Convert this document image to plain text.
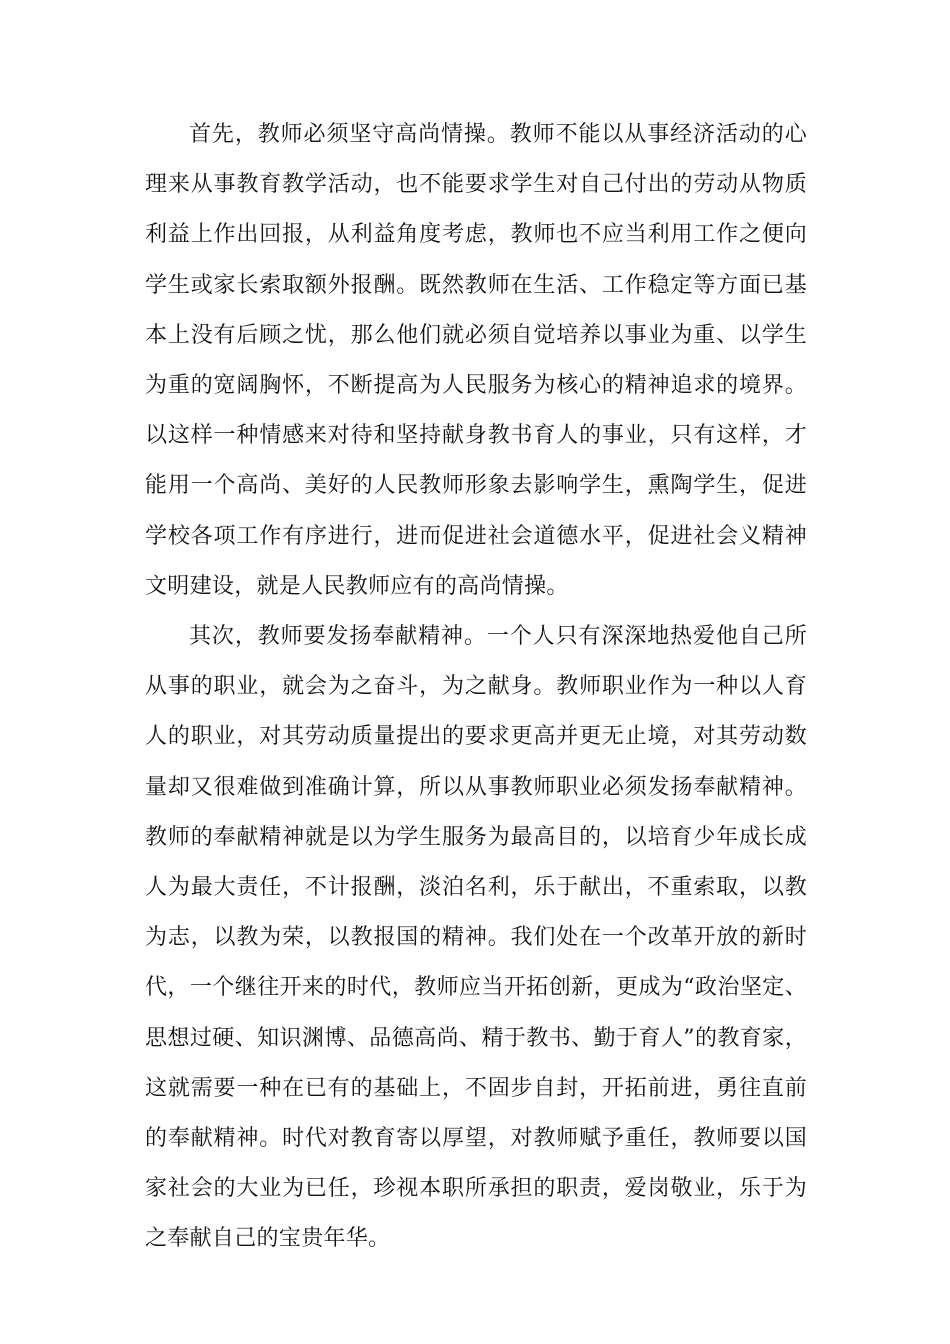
首先，教师必须坚守高尚情操。教师不能以从事经济活动的心理来从事教育教学活动，也不能要求学生对自己付出的劳动从物质利益上作出回报，从利益角度考虑，教师也不应当利用工作之便向学生或家长索取额外报酬。既然教师在生活、工作稳定等方面已基本上没有后顾之忧，那么他们就必须自觉培养以事业为重、以学生为重的宽阔胸怀，不断提高为人民服务为核心的精神追求的境界。以这样一种情感来对待和坚持献身教书育人的事业，只有这样，才能用一个高尚、美好的人民教师形象去影响学生，熏陶学生，促进学校各项工作有序进行，进而促进社会道德水平，促进社会义精神文明建设，就是人民教师应有的高尚情操。

其次，教师要发扬奉献精神。一个人只有深深地热爱他自己所从事的职业，就会为之奋斗，为之献身。教师职业作为一种以人育人的职业，对其劳动质量提出的要求更高并更无止境，对其劳动数量却又很难做到准确计算，所以从事教师职业必须发扬奉献精神。教师的奉献精神就是以为学生服务为最高目的，以培育少年成长成人为最大责任，不计报酬，淡泊名利，乐于献出，不重索取，以教为志，以教为荣，以教报国的精神。我们处在一个改革开放的新时代，一个继往开来的时代，教师应当开拓创新，更成为“政治坚定、思想过硬、知识渊博、品德高尚、精于教书、勤于育人”的教育家，这就需要一种在已有的基础上，不固步自封，开拓前进，勇往直前的奉献精神。时代对教育寄以厚望，对教师赋予重任，教师要以国家社会的大业为已任，珍视本职所承担的职责，爱岗敬业，乐于为之奉献自己的宝贵年华。
